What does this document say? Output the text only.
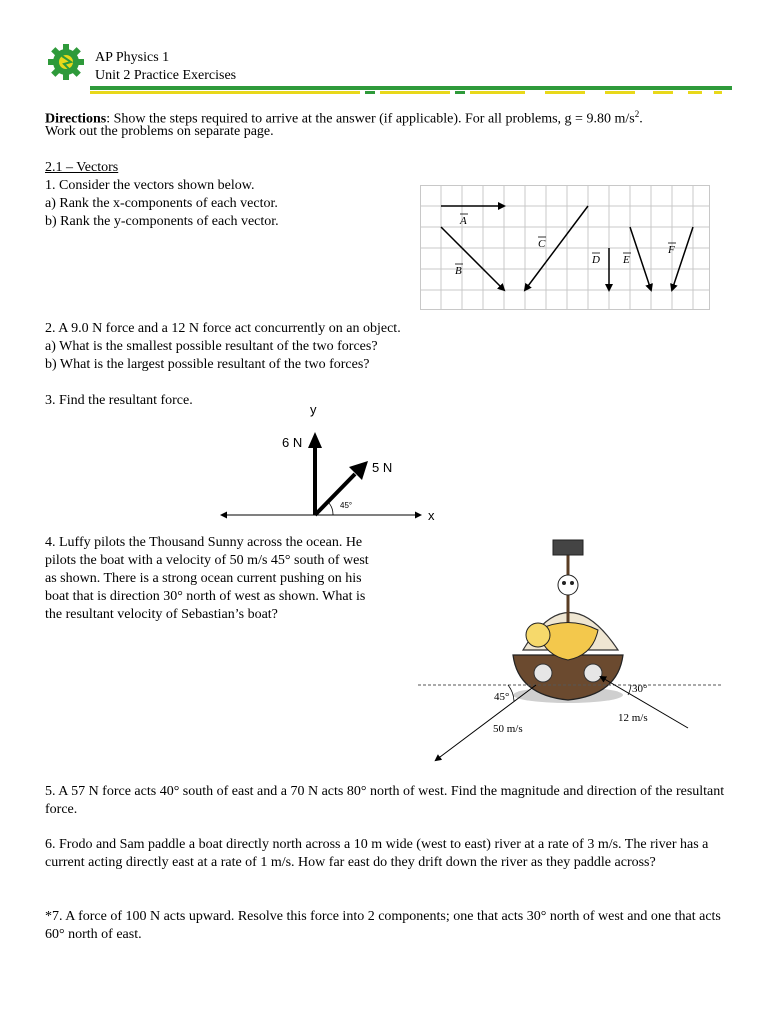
AP Physics 1
Unit 2 Practice Exercises
Directions: Show the steps required to arrive at the answer (if applicable). For all problems, g = 9.80 $m/s^2$.
Work out the problems on separate page.
2.1 – Vectors
1. Consider the vectors shown below.
a) Rank the x-components of each vector.
b) Rank the y-components of each vector.	A
B
C
D E
F
2. A 9.0 N force and a 12 N force act concurrently on an object.
a) What is the smallest possible resultant of the two forces?
b) What is the largest possible resultant of the two forces?
3. Find the resultant force.
y
x
6 N
5 N
45°
4. Luffy pilots the Thousand Sunny across the ocean. He
pilots the boat with a velocity of 50 m/s 45° south of west
as shown. There is a strong ocean current pushing on his
boat that is direction 30° north of west as shown. What is
the resultant velocity of Sebastian’s boat?
45°
30°
50 m/s
12 m/s
5. A 57 N force acts 40° south of east and a 70 N acts 80° north of west. Find the magnitude and direction of the resultant force.
6. Frodo and Sam paddle a boat directly north across a 10 m wide (west to east) river at a rate of 3 m/s. The river has a current acting directly east at a rate of 1 m/s. How far east do they drift down the river as they paddle across?
*7. A force of 100 N acts upward. Resolve this force into 2 components; one that acts 30° north of west and one that acts 60° north of east.
